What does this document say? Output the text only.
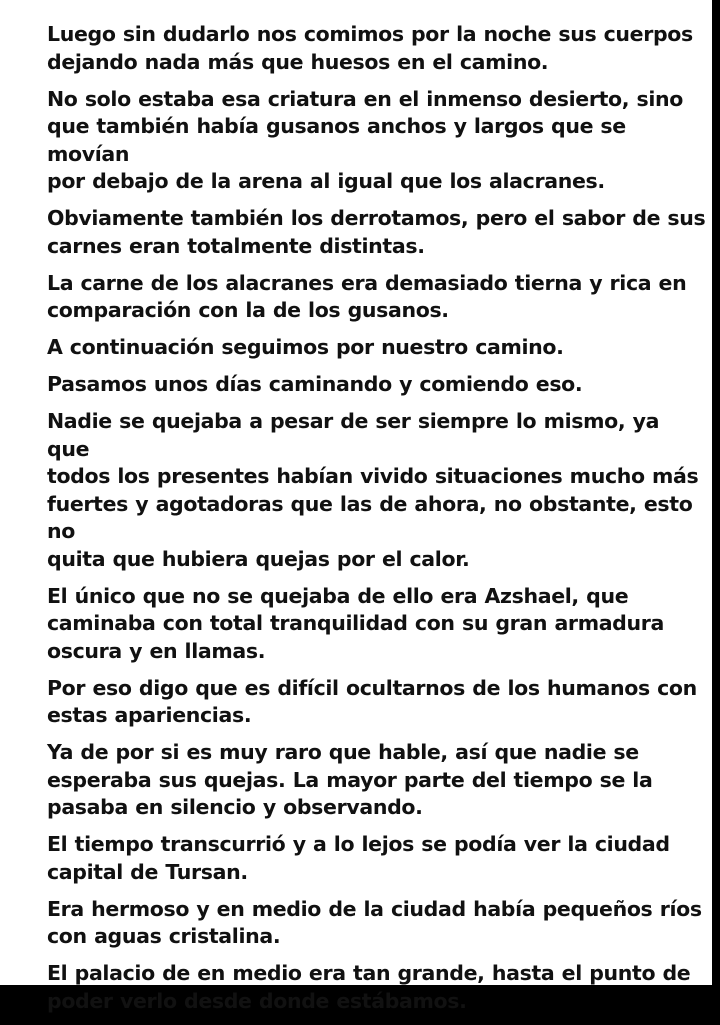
Luego sin dudarlo nos comimos por la noche sus cuerpos
dejando nada más que huesos en el camino.

No solo estaba esa criatura en el inmenso desierto, sino
que también había gusanos anchos y largos que se movían
por debajo de la arena al igual que los alacranes.

Obviamente también los derrotamos, pero el sabor de sus
carnes eran totalmente distintas.

La carne de los alacranes era demasiado tierna y rica en
comparación con la de los gusanos.

A continuación seguimos por nuestro camino.

Pasamos unos días caminando y comiendo eso.

Nadie se quejaba a pesar de ser siempre lo mismo, ya que
todos los presentes habían vivido situaciones mucho más
fuertes y agotadoras que las de ahora, no obstante, esto no
quita que hubiera quejas por el calor.

El único que no se quejaba de ello era Azshael, que
caminaba con total tranquilidad con su gran armadura
oscura y en llamas.

Por eso digo que es difícil ocultarnos de los humanos con
estas apariencias.

Ya de por si es muy raro que hable, así que nadie se
esperaba sus quejas. La mayor parte del tiempo se la
pasaba en silencio y observando.

El tiempo transcurrió y a lo lejos se podía ver la ciudad
capital de Tursan.

Era hermoso y en medio de la ciudad había pequeños ríos
con aguas cristalina.

El palacio de en medio era tan grande, hasta el punto de
poder verlo desde donde estábamos.
